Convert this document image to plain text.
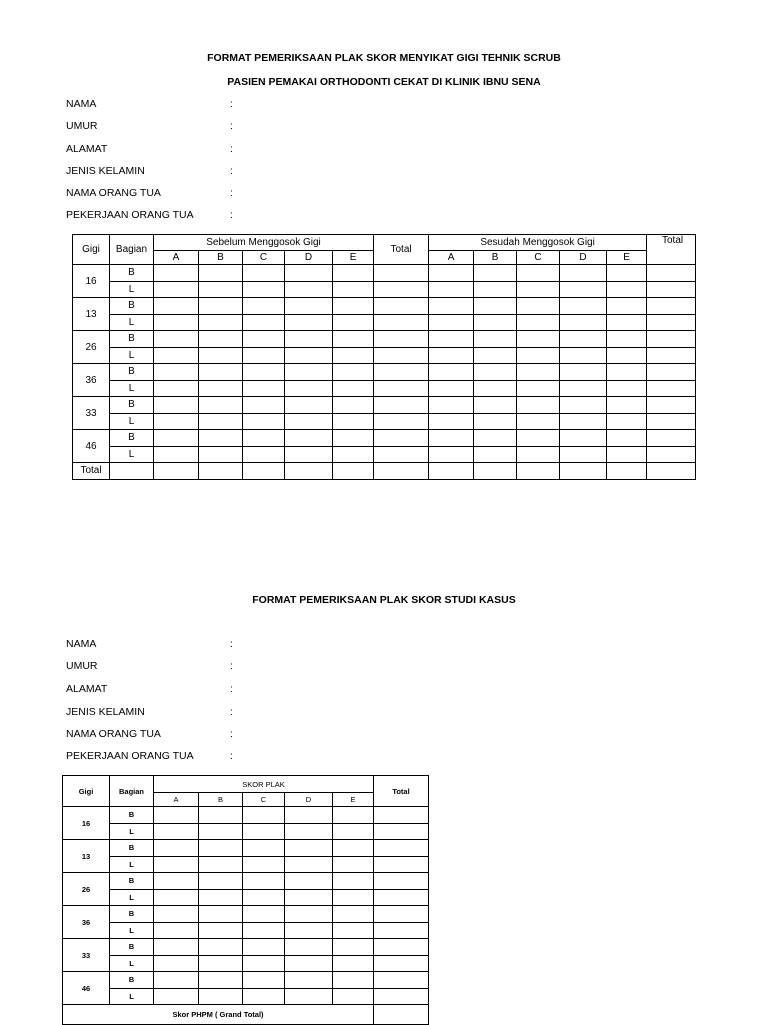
FORMAT PEMERIKSAAN PLAK SKOR MENYIKAT GIGI TEHNIK SCRUB
PASIEN PEMAKAI ORTHODONTI CEKAT DI KLINIK IBNU SENA
NAMA	:
UMUR	:
ALAMAT	:
JENIS KELAMIN	:
NAMA ORANG TUA	:
PEKERJAAN ORANG TUA	:
Gigi	Bagian	Sebelum Menggosok Gigi					Total	Sesudah Menggosok Gigi					Total
		A	B	C	D	E		A	B	C	D	E	
16	B												
	L												
13	B												
	L												
26	B												
	L												
36	B												
	L												
33	B												
	L												
46	B												
	L												
Total													
FORMAT PEMERIKSAAN PLAK SKOR STUDI KASUS
NAMA	:
UMUR	:
ALAMAT	:
JENIS KELAMIN	:
NAMA ORANG TUA	:
PEKERJAAN ORANG TUA	:
Gigi	Bagian	SKOR PLAK					Total
		A	B	C	D	E	
16	B						
	L						
13	B						
	L						
26	B						
	L						
36	B						
	L						
33	B						
	L						
46	B						
	L						
Skor PHPM ( Grand Total)							
